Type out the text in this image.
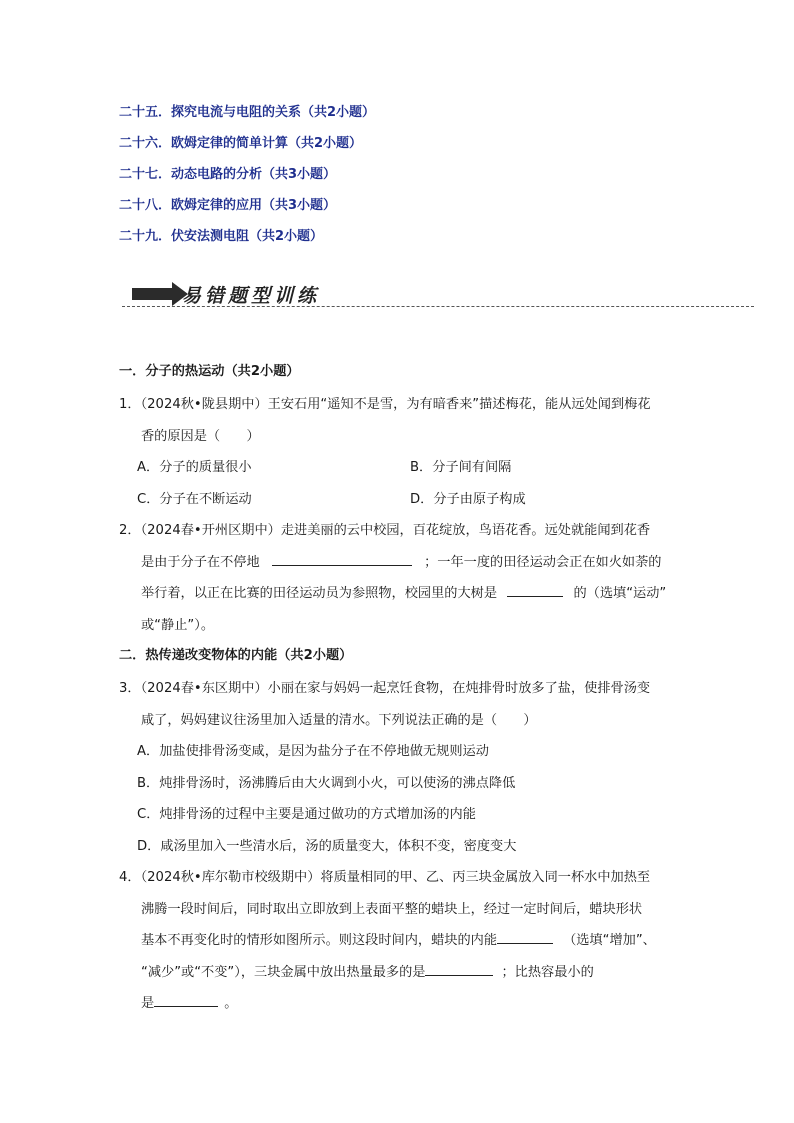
二十五．探究电流与电阻的关系（共2小题）
二十六．欧姆定律的简单计算（共2小题）
二十七．动态电路的分析（共3小题）
二十八．欧姆定律的应用（共3小题）
二十九．伏安法测电阻（共2小题）
易错题型训练

一．分子的热运动（共2小题）

1．（2024秋•陇县期中）王安石用“遥知不是雪，为有暗香来”描述梅花，能从远处闻到梅花

香的原因是（　　）

A．分子的质量很小	B．分子间有间隔
C．分子在不断运动	D．分子由原子构成

2．（2024春•开州区期中）走进美丽的云中校园，百花绽放，鸟语花香。远处就能闻到花香

是由于分子在不停地	；一年一度的田径运动会正在如火如荼的

举行着，以正在比赛的田径运动员为参照物，校园里的大树是	的（选填“运动”

或“静止”）。

二．热传递改变物体的内能（共2小题）

3．（2024春•东区期中）小丽在家与妈妈一起烹饪食物，在炖排骨时放多了盐，使排骨汤变

咸了，妈妈建议往汤里加入适量的清水。下列说法正确的是（　　）

A．加盐使排骨汤变咸，是因为盐分子在不停地做无规则运动
B．炖排骨汤时，汤沸腾后由大火调到小火，可以使汤的沸点降低
C．炖排骨汤的过程中主要是通过做功的方式增加汤的内能
D．咸汤里加入一些清水后，汤的质量变大，体积不变，密度变大

4．（2024秋•库尔勒市校级期中）将质量相同的甲、乙、丙三块金属放入同一杯水中加热至

沸腾一段时间后，同时取出立即放到上表面平整的蜡块上，经过一定时间后，蜡块形状

基本不再变化时的情形如图所示。则这段时间内，蜡块的内能	（选填“增加”、

“减少”或“不变”），三块金属中放出热量最多的是	；比热容最小的

是	。
